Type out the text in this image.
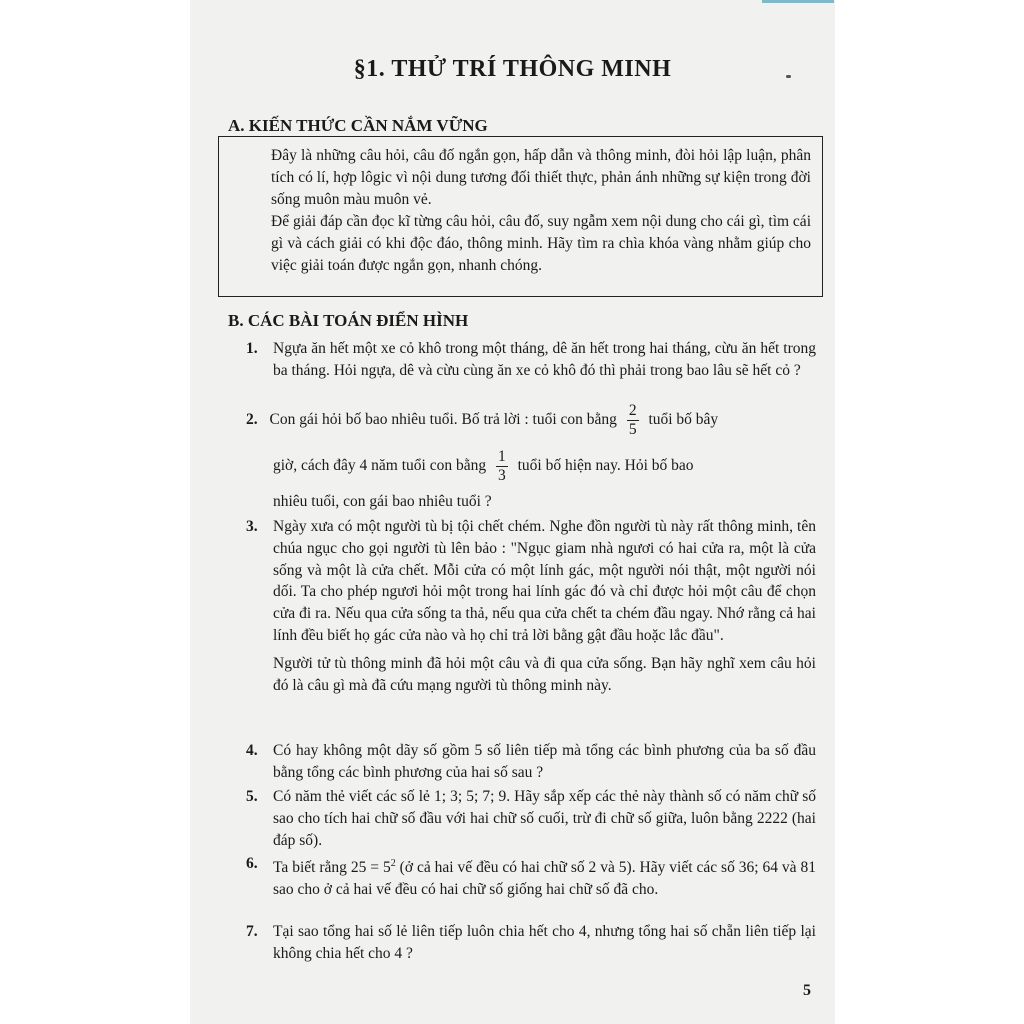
§1. THỬ TRÍ THÔNG MINH
A. KIẾN THỨC CẦN NẮM VỮNG

Đây là những câu hỏi, câu đố ngắn gọn, hấp dẫn và thông minh, đòi hỏi lập luận, phân tích có lí, hợp lôgic vì nội dung tương đối thiết thực, phản ánh những sự kiện trong đời sống muôn màu muôn vẻ.

Để giải đáp cần đọc kĩ từng câu hỏi, câu đố, suy ngẫm xem nội dung cho cái gì, tìm cái gì và cách giải có khi độc đáo, thông minh. Hãy tìm ra chìa khóa vàng nhằm giúp cho việc giải toán được ngắn gọn, nhanh chóng.

B. CÁC BÀI TOÁN ĐIỂN HÌNH
1. Ngựa ăn hết một xe cỏ khô trong một tháng, dê ăn hết trong hai tháng, cừu ăn hết trong ba tháng. Hỏi ngựa, dê và cừu cùng ăn xe cỏ khô đó thì phải trong bao lâu sẽ hết cỏ ?
2. Con gái hỏi bố bao nhiêu tuổi. Bố trả lời : tuổi con bằng $\frac{2}{5}$ tuổi bố bây
giờ, cách đây 4 năm tuổi con bằng $\frac{1}{3}$ tuổi bố hiện nay. Hỏi bố bao
nhiêu tuổi, con gái bao nhiêu tuổi ?
3. Ngày xưa có một người tù bị tội chết chém. Nghe đồn người tù này rất thông minh, tên chúa ngục cho gọi người tù lên bảo : "Ngục giam nhà ngươi có hai cửa ra, một là cửa sống và một là cửa chết. Mỗi cửa có một lính gác, một người nói thật, một người nói dối. Ta cho phép ngươi hỏi một trong hai lính gác đó và chỉ được hỏi một câu để chọn cửa đi ra. Nếu qua cửa sống ta thả, nếu qua cửa chết ta chém đầu ngay. Nhớ rằng cả hai lính đều biết họ gác cửa nào và họ chỉ trả lời bằng gật đầu hoặc lắc đầu".
Người tử tù thông minh đã hỏi một câu và đi qua cửa sống. Bạn hãy nghĩ xem câu hỏi đó là câu gì mà đã cứu mạng người tù thông minh này.
4. Có hay không một dãy số gồm 5 số liên tiếp mà tổng các bình phương của ba số đầu bằng tổng các bình phương của hai số sau ?
5. Có năm thẻ viết các số lẻ 1; 3; 5; 7; 9. Hãy sắp xếp các thẻ này thành số có năm chữ số sao cho tích hai chữ số đầu với hai chữ số cuối, trừ đi chữ số giữa, luôn bằng 2222 (hai đáp số).
6. Ta biết rằng $25 = 5^2$ (ở cả hai vế đều có hai chữ số 2 và 5). Hãy viết các số 36; 64 và 81 sao cho ở cả hai vế đều có hai chữ số giống hai chữ số đã cho.
7. Tại sao tổng hai số lẻ liên tiếp luôn chia hết cho 4, nhưng tổng hai số chẵn liên tiếp lại không chia hết cho 4 ?
5
